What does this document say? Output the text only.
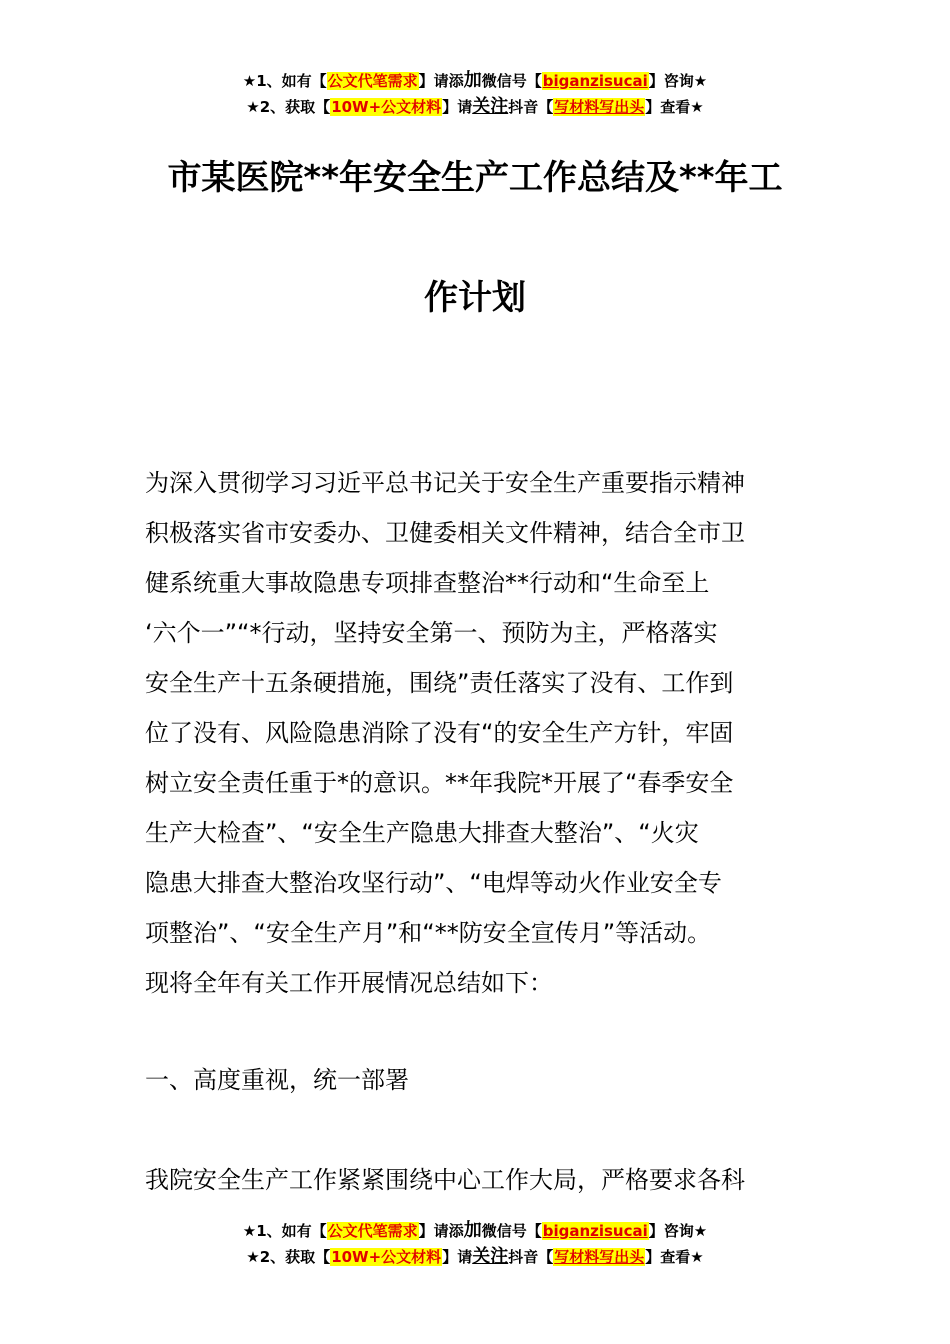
★1、如有【公文代笔需求】请添加微信号【biganzisucai】咨询★
★2、获取【10W+公文材料】请关注抖音【写材料写出头】查看★
市某医院**年安全生产工作总结及**年工
作计划
为深入贯彻学习习近平总书记关于安全生产重要指示精神
积极落实省市安委办、卫健委相关文件精神，结合全市卫
健系统重大事故隐患专项排查整治**行动和“生命至上
‘六个一”“*行动，坚持安全第一、预防为主，严格落实
安全生产十五条硬措施，围绕”责任落实了没有、工作到
位了没有、风险隐患消除了没有“的安全生产方针，牢固
树立安全责任重于*的意识。**年我院*开展了“春季安全
生产大检查”、“安全生产隐患大排查大整治”、“火灾
隐患大排查大整治攻坚行动”、“电焊等动火作业安全专
项整治”、“安全生产月”和“**防安全宣传月”等活动。
现将全年有关工作开展情况总结如下：
一、高度重视，统一部署
我院安全生产工作紧紧围绕中心工作大局，严格要求各科
★1、如有【公文代笔需求】请添加微信号【biganzisucai】咨询★
★2、获取【10W+公文材料】请关注抖音【写材料写出头】查看★
